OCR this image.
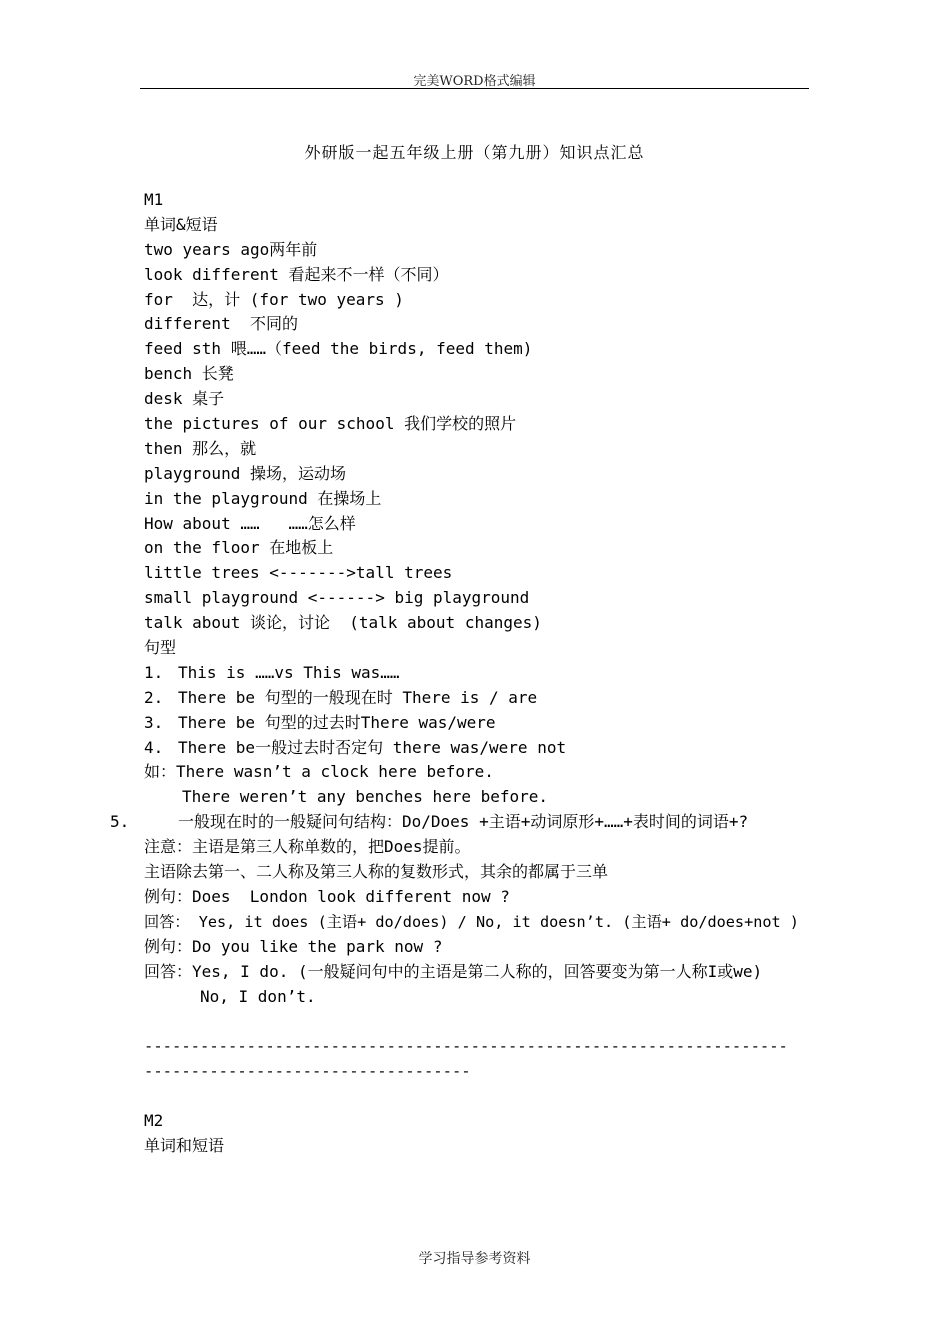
完美WORD格式编辑
外研版一起五年级上册（第九册）知识点汇总
M1
单词&短语
two years ago两年前
look different 看起来不一样（不同）
for  达，计 (for two years )
different  不同的
feed sth 喂……（feed the birds, feed them)
bench 长凳
desk 桌子
the pictures of our school 我们学校的照片
then 那么，就
playground 操场，运动场
in the playground 在操场上
How about ……   ……怎么样
on the floor 在地板上
little trees <------->tall trees
small playground <------> big playground
talk about 谈论，讨论  (talk about changes)
句型
1. This is ……vs This was……
2. There be 句型的一般现在时 There is / are
3. There be 句型的过去时There was/were
4. There be一般过去时否定句 there was/were not
如：There wasn’t a clock here before.
There weren’t any benches here before.
5.	一般现在时的一般疑问句结构：Do/Does +主语+动词原形+……+表时间的词语+?
注意：主语是第三人称单数的，把Does提前。
主语除去第一、二人称及第三人称的复数形式，其余的都属于三单
例句：Does  London look different now ?
回答： Yes, it does (主语+ do/does) / No, it doesn’t. (主语+ do/does+not )
例句：Do you like the park now ?
回答：Yes, I do. (一般疑问句中的主语是第二人称的，回答要变为第一人称I或we)
No, I don’t.
---------------------------------------------------------------------
-----------------------------------
M2
单词和短语
学习指导参考资料
